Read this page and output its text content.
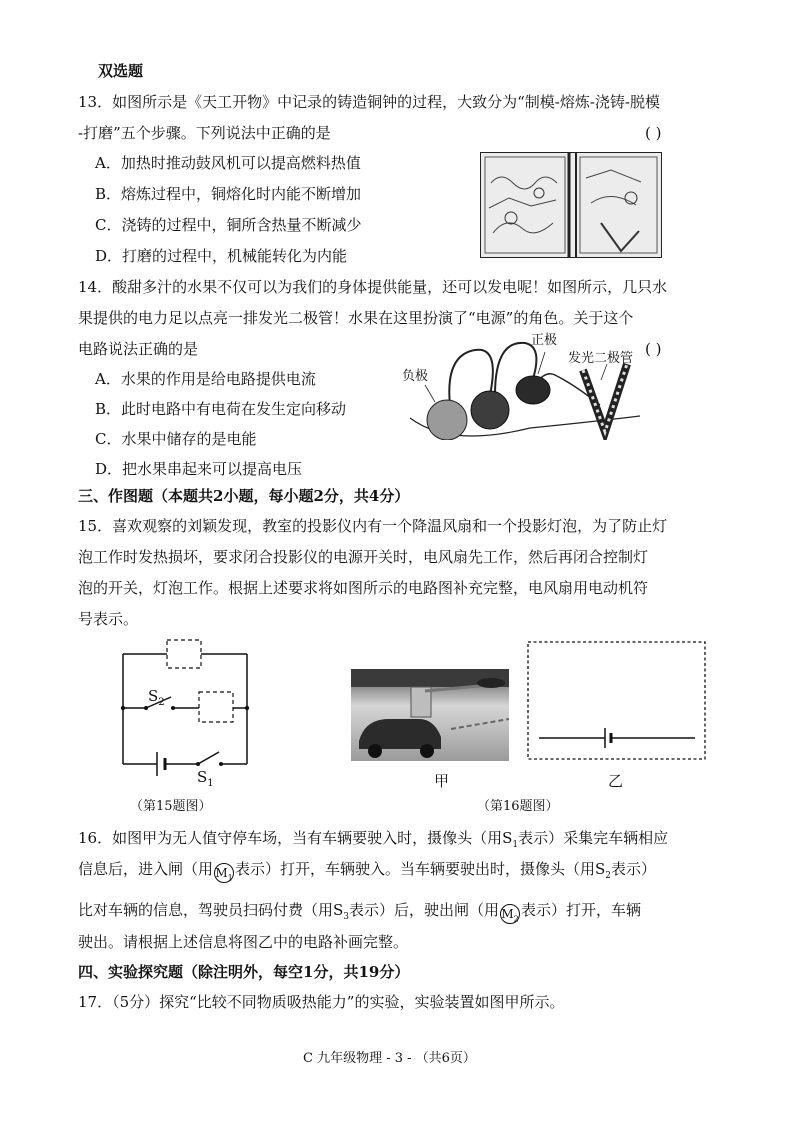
双选题
13．如图所示是《天工开物》中记录的铸造铜钟的过程，大致分为“制模-熔炼-浇铸-脱模
-打磨”五个步骤。下列说法中正确的是	( )
A．加热时推动鼓风机可以提高燃料热值
B．熔炼过程中，铜熔化时内能不断增加
C．浇铸的过程中，铜所含热量不断减少
D．打磨的过程中，机械能转化为内能
14．酸甜多汁的水果不仅可以为我们的身体提供能量，还可以发电呢！如图所示，几只水
果提供的电力足以点亮一排发光二极管！水果在这里扮演了“电源”的角色。关于这个
电路说法正确的是	( )
A．水果的作用是给电路提供电流
B．此时电路中有电荷在发生定向移动
C．水果中储存的是电能
D．把水果串起来可以提高电压
正极
发光二极管
负极
三、作图题（本题共2小题，每小题2分，共4分）
15．喜欢观察的刘颖发现，教室的投影仪内有一个降温风扇和一个投影灯泡，为了防止灯
泡工作时发热损坏，要求闭合投影仪的电源开关时，电风扇先工作，然后再闭合控制灯
泡的开关，灯泡工作。根据上述要求将如图所示的电路图补充完整，电风扇用电动机符
号表示。
$S_2$
$S_1$
（第15题图）
甲	乙
（第16题图）
16．如图甲为无人值守停车场，当有车辆要驶入时，摄像头（用$S_1$表示）采集完车辆相应
信息后，进入闸（用 $M_1$ 表示）打开，车辆驶入。当车辆要驶出时，摄像头（用$S_2$表示）
比对车辆的信息，驾驶员扫码付费（用$S_3$表示）后，驶出闸（用 $M_2$ 表示）打开，车辆
驶出。请根据上述信息将图乙中的电路补画完整。
四、实验探究题（除注明外，每空1分，共19分）
17．（5分）探究“比较不同物质吸热能力”的实验，实验装置如图甲所示。
C 九年级物理 - 3 - （共6页）
